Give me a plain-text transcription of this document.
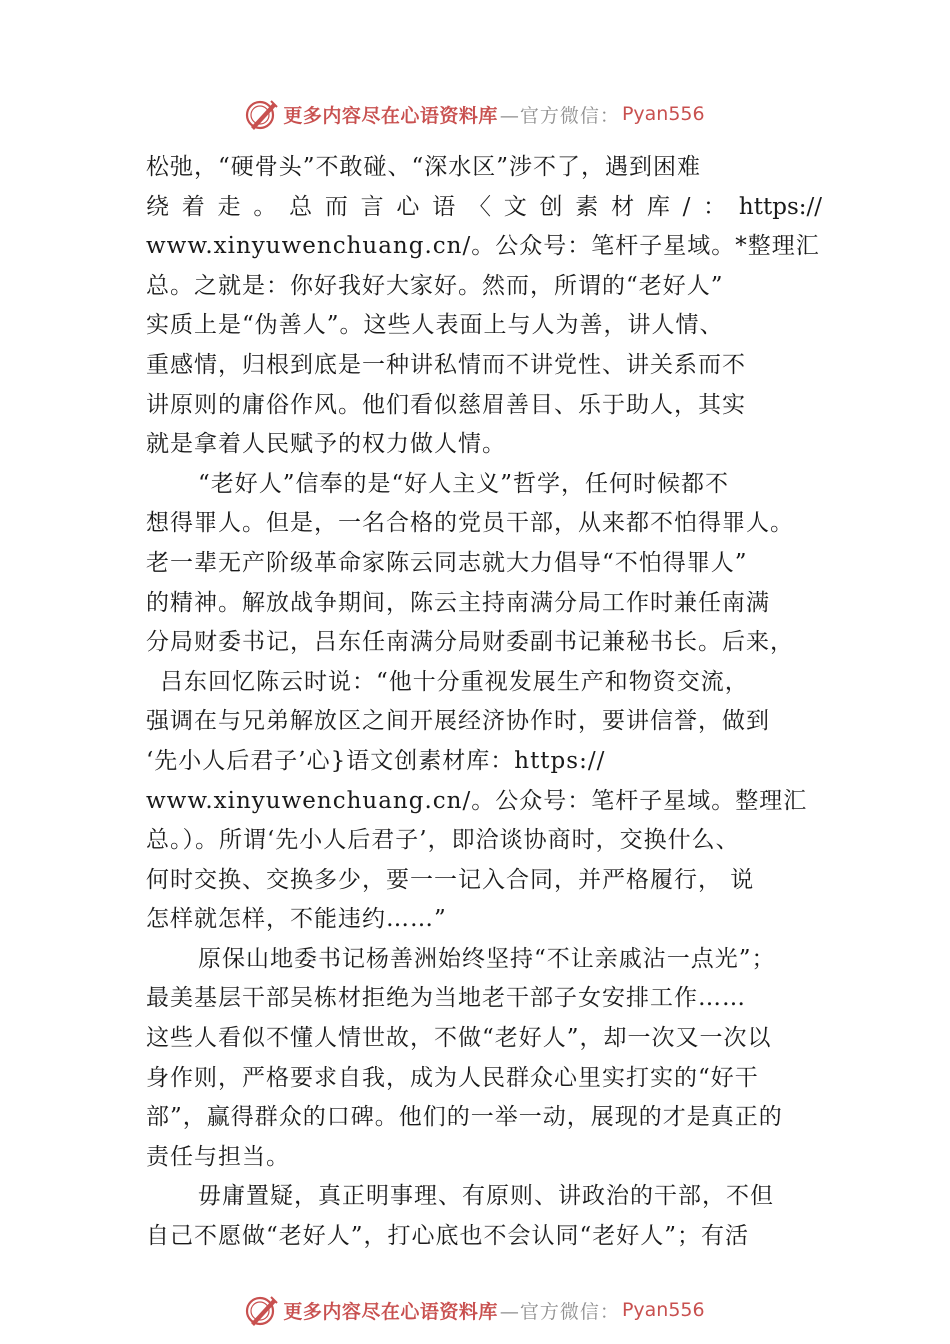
更多内容尽在心语资料库 —官方微信： Pyan556
松弛，“硬骨头”不敢碰、“深水区”涉不了，遇到困难
绕着走。总而言心语〈文创素材库/：https://
www.xinyuwenchuang.cn/。公众号：笔杆子星域。*整理汇
总。之就是：你好我好大家好。然而，所谓的“老好人”
实质上是“伪善人”。这些人表面上与人为善，讲人情、
重感情，归根到底是一种讲私情而不讲党性、讲关系而不
讲原则的庸俗作风。他们看似慈眉善目、乐于助人，其实
就是拿着人民赋予的权力做人情。
“老好人”信奉的是“好人主义”哲学，任何时候都不
想得罪人。但是，一名合格的党员干部，从来都不怕得罪人。
老一辈无产阶级革命家陈云同志就大力倡导“不怕得罪人”
的精神。解放战争期间，陈云主持南满分局工作时兼任南满
分局财委书记，吕东任南满分局财委副书记兼秘书长。后来，
吕东回忆陈云时说：“他十分重视发展生产和物资交流，
强调在与兄弟解放区之间开展经济协作时，要讲信誉，做到
‘先小人后君子’心}语文创素材库：https://
www.xinyuwenchuang.cn/。公众号：笔杆子星域。整理汇
总。）。所谓‘先小人后君子’，即洽谈协商时，交换什么、
何时交换、交换多少，要一一记入合同，并严格履行， 说
怎样就怎样，不能违约……”
原保山地委书记杨善洲始终坚持“不让亲戚沾一点光”；
最美基层干部吴栋材拒绝为当地老干部子女安排工作……
这些人看似不懂人情世故，不做“老好人”，却一次又一次以
身作则，严格要求自我，成为人民群众心里实打实的“好干
部”，赢得群众的口碑。他们的一举一动，展现的才是真正的
责任与担当。
毋庸置疑，真正明事理、有原则、讲政治的干部，不但
自己不愿做“老好人”，打心底也不会认同“老好人”；有活
更多内容尽在心语资料库 —官方微信： Pyan556
